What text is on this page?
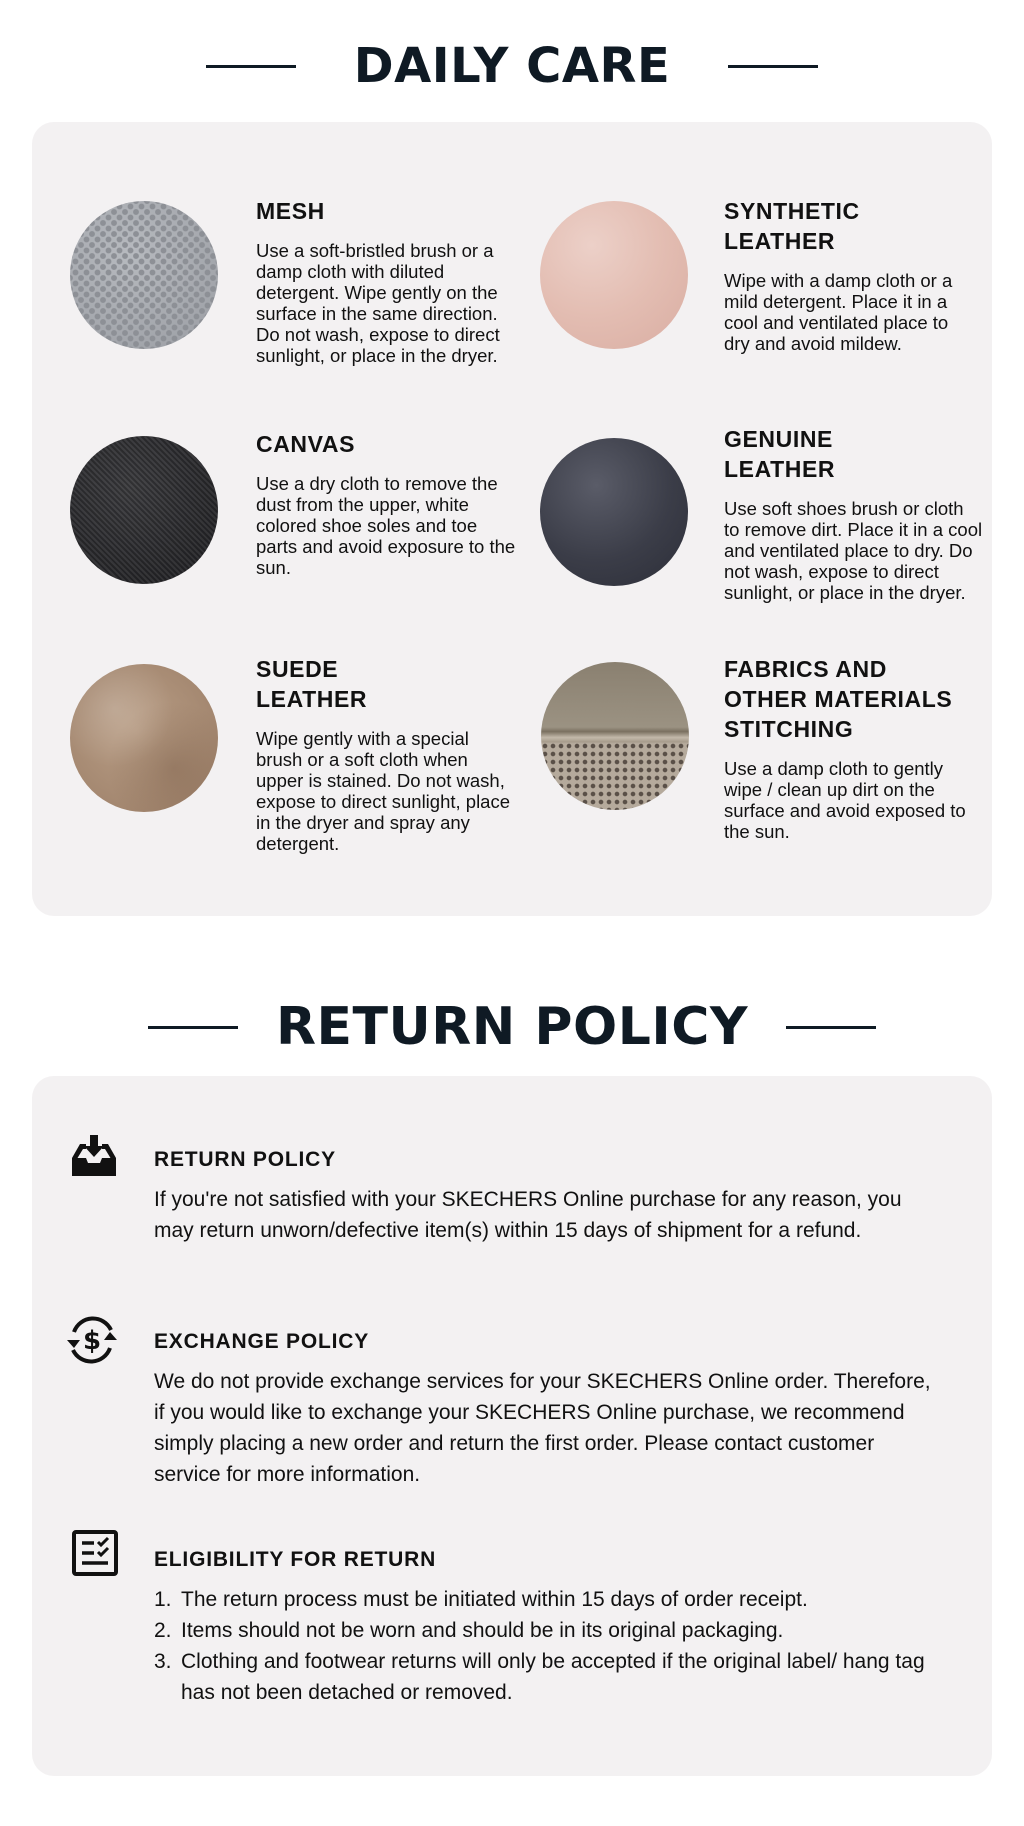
DAILY CARE
MESH
Use a soft-bristled brush or a damp cloth with diluted detergent. Wipe gently on the surface in the same direction. Do not wash, expose to direct sunlight, or place in the dryer.
SYNTHETIC
LEATHER
Wipe with a damp cloth or a mild detergent. Place it in a cool and ventilated place to dry and avoid mildew.
CANVAS
Use a dry cloth to remove the dust from the upper, white colored shoe soles and toe parts and avoid exposure to the sun.
GENUINE
LEATHER
Use soft shoes brush or cloth to remove dirt. Place it in a cool and ventilated place to dry. Do not wash, expose to direct sunlight, or place in the dryer.
SUEDE
LEATHER
Wipe gently with a special brush or a soft cloth when upper is stained. Do not wash, expose to direct sunlight, place in the dryer and spray any detergent.
FABRICS AND
OTHER MATERIALS
STITCHING
Use a damp cloth to gently wipe / clean up dirt on the surface and avoid exposed to the sun.
RETURN POLICY
RETURN POLICY
If you're not satisfied with your SKECHERS Online purchase for any reason, you may return unworn/defective item(s) within 15 days of shipment for a refund.
$	EXCHANGE POLICY
We do not provide exchange services for your SKECHERS Online order. Therefore, if you would like to exchange your SKECHERS Online purchase, we recommend simply placing a new order and return the first order. Please contact customer service for more information.
ELIGIBILITY FOR RETURN
1. The return process must be initiated within 15 days of order receipt.
2. Items should not be worn and should be in its original packaging.
3. Clothing and footwear returns will only be accepted if the original label/ hang tag has not been detached or removed.
